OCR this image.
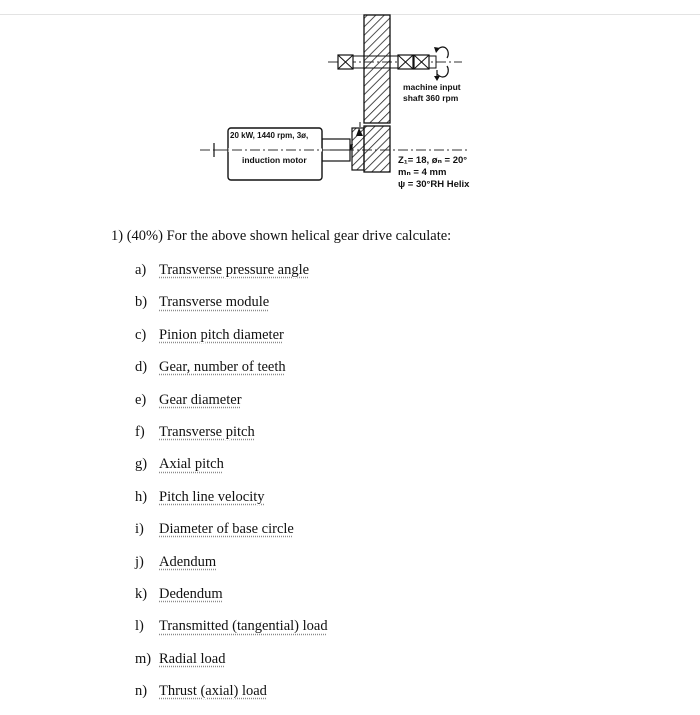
20 kW, 1440 rpm, 3ø,
induction motor
machine input
shaft 360 rpm
Z₁= 18, øₙ = 20°
mₙ = 4 mm
ψ = 30°RH Helix
1) (40%) For the above shown helical gear drive calculate:
a) Transverse pressure angle
b) Transverse module
c) Pinion pitch diameter
d) Gear, number of teeth
e) Gear diameter
f) Transverse pitch
g) Axial pitch
h) Pitch line velocity
i)	Diameter of base circle
j)	Adendum
k) Dedendum
l)	Transmitted (tangential) load
m) Radial load
n) Thrust (axial) load
